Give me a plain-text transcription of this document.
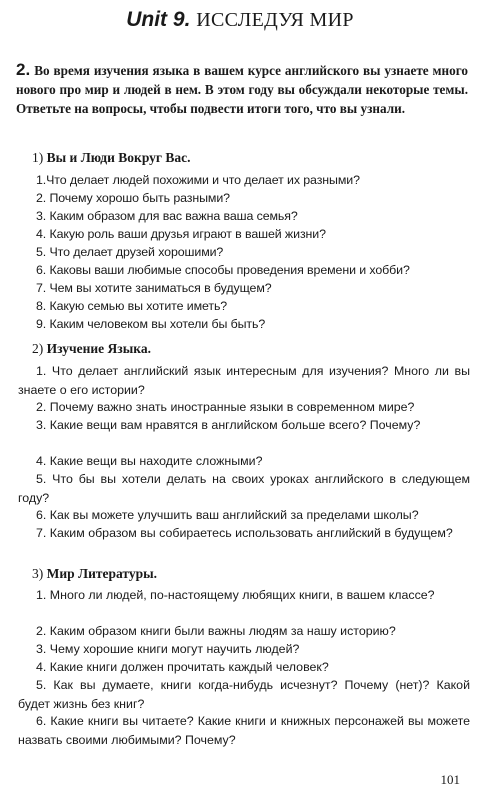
Unit 9. ИССЛЕДУЯ МИР
2. Во время изучения языка в вашем курсе английского вы узнаете много нового про мир и людей в нем. В этом году вы обсуждали некоторые темы. Ответьте на вопросы, чтобы подвести итоги того, что вы узнали.
1) Вы и Люди Вокруг Вас.
1.Что делает людей похожими и что делает их разными?
2. Почему хорошо быть разными?
3. Каким образом для вас важна ваша семья?
4. Какую роль ваши друзья играют в вашей жизни?
5. Что делает друзей хорошими?
6. Каковы ваши любимые способы проведения времени и хобби?
7. Чем вы хотите заниматься в будущем?
8. Какую семью вы хотите иметь?
9. Каким человеком вы хотели бы быть?
2) Изучение Языка.
1. Что делает английский язык интересным для изучения? Много ли вы знаете о его истории?
2. Почему важно знать иностранные языки в современном мире?
3. Какие вещи вам нравятся в английском больше всего? Почему?
4. Какие вещи вы находите сложными?
5. Что бы вы хотели делать на своих уроках английского в следующем году?
6. Как вы можете улучшить ваш английский за пределами школы?
7. Каким образом вы собираетесь использовать английский в будущем?
3) Мир Литературы.
1. Много ли людей, по-настоящему любящих книги, в вашем классе?
2. Каким образом книги были важны людям за нашу историю?
3. Чему хорошие книги могут научить людей?
4. Какие книги должен прочитать каждый человек?
5. Как вы думаете, книги когда-нибудь исчезнут? Почему (нет)? Какой будет жизнь без книг?
6. Какие книги вы читаете? Какие книги и книжных персонажей вы можете назвать своими любимыми? Почему?
101
